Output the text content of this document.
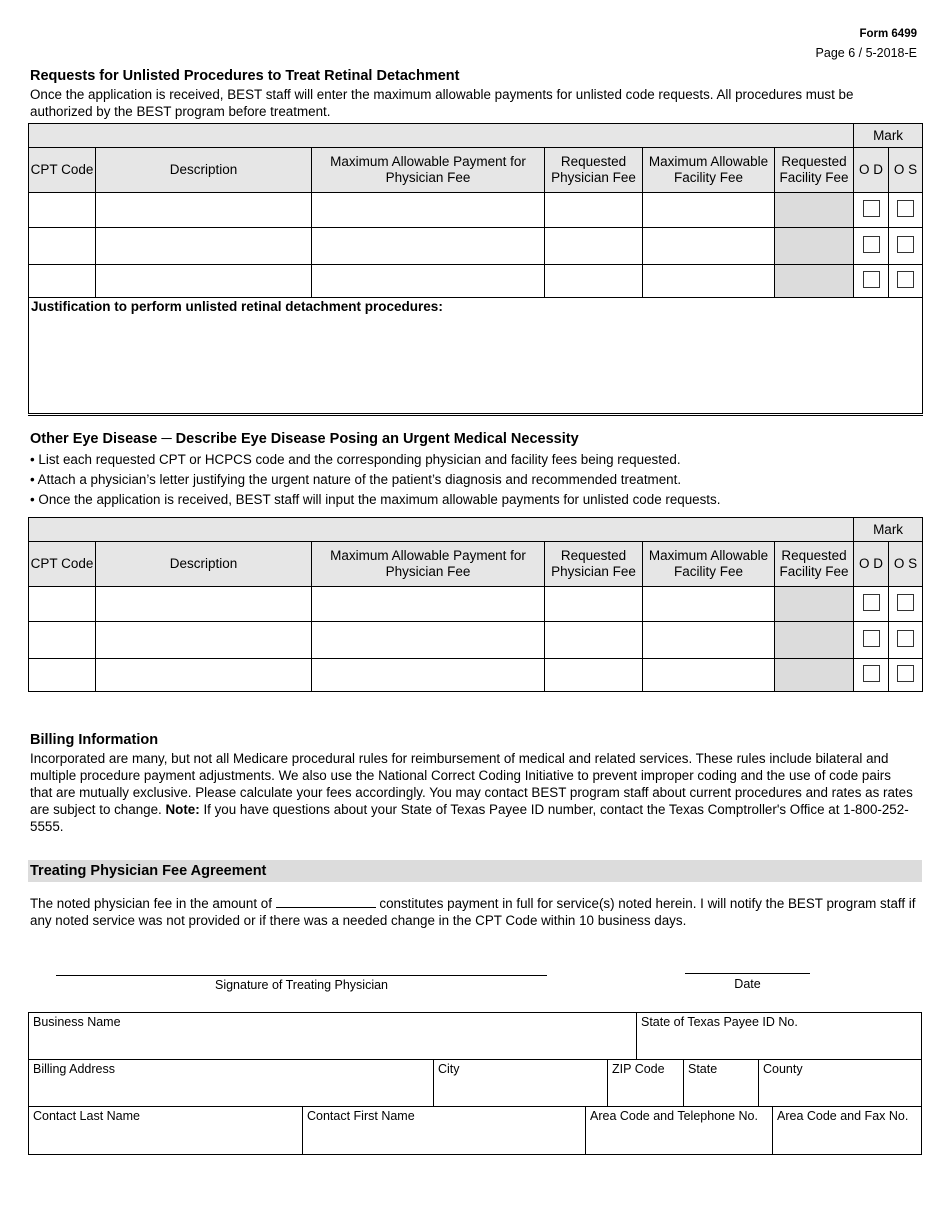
Form 6499
Page 6 / 5-2018-E
Requests for Unlisted Procedures to Treat Retinal Detachment
Once the application is received, BEST staff will enter the maximum allowable payments for unlisted code requests. All procedures must be authorized by the BEST program before treatment.
						Mark	
CPT Code	Description	Maximum Allowable Payment for Physician Fee	Requested Physician Fee	Maximum Allowable Facility Fee	Requested Facility Fee	O D	O S

Justification to perform unlisted retinal detachment procedures:							
Other Eye Disease ─ Describe Eye Disease Posing an Urgent Medical Necessity
• List each requested CPT or HCPCS code and the corresponding physician and facility fees being requested.
• Attach a physician’s letter justifying the urgent nature of the patient’s diagnosis and recommended treatment.
• Once the application is received, BEST staff will input the maximum allowable payments for unlisted code requests.
						Mark	
CPT Code	Description	Maximum Allowable Payment for Physician Fee	Requested Physician Fee	Maximum Allowable Facility Fee	Requested Facility Fee	O D	O S

Billing Information
Incorporated are many, but not all Medicare procedural rules for reimbursement of medical and related services. These rules include bilateral and multiple procedure payment adjustments. We also use the National Correct Coding Initiative to prevent improper coding and the use of code pairs that are mutually exclusive. Please calculate your fees accordingly. You may contact BEST program staff about current procedures and rates as rates are subject to change. Note: If you have questions about your State of Texas Payee ID number, contact the Texas Comptroller's Office at 1-800-252-5555.
Treating Physician Fee Agreement
The noted physician fee in the amount of	constitutes payment in full for service(s) noted herein. I will notify the BEST program staff if any noted service was not provided or if there was a needed change in the CPT Code within 10 business days.
Signature of Treating Physician	Date
Business Name	State of Texas Payee ID No.
Billing Address	City	ZIP Code	State	County
Contact Last Name	Contact First Name	Area Code and Telephone No.	Area Code and Fax No.
